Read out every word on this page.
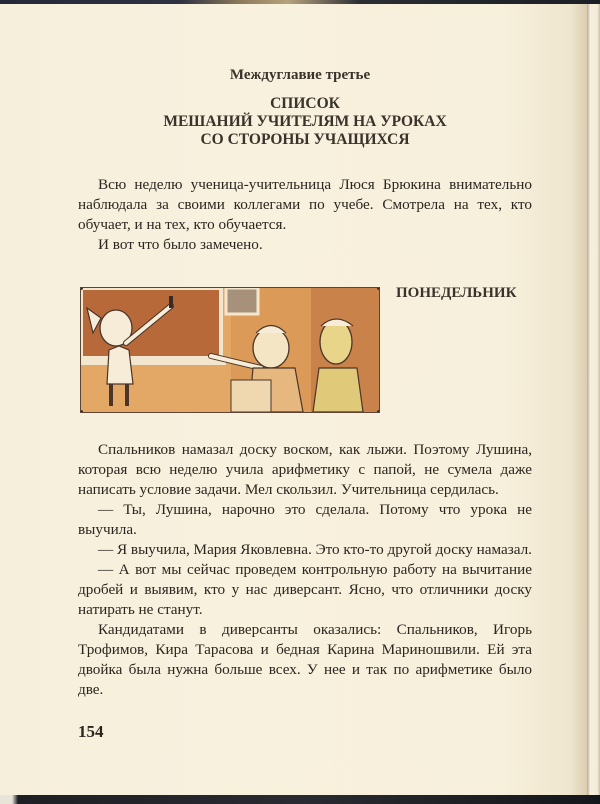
Междуглавие третье
СПИСОК
МЕШАНИЙ УЧИТЕЛЯМ НА УРОКАХ
СО СТОРОНЫ УЧАЩИХСЯ

Всю неделю ученица-учительница Люся Брюкина внимательно наблюдала за своими коллегами по учебе. Смотрела на тех, кто обучает, и на тех, кто обучается.

И вот что было замечено.

ПОНЕДЕЛЬНИК

Спальников намазал доску воском, как лыжи. Поэтому Лушина, которая всю неделю учила арифметику с папой, не сумела даже написать условие задачи. Мел скользил. Учительница сердилась.

— Ты, Лушина, нарочно это сделала. Потому что урока не выучила.

— Я выучила, Мария Яковлевна. Это кто-то другой доску намазал.

— А вот мы сейчас проведем контрольную работу на вычитание дробей и выявим, кто у нас диверсант. Ясно, что отличники доску натирать не станут.

Кандидатами в диверсанты оказались: Спальников, Игорь Трофимов, Кира Тарасова и бедная Карина Мариношвили. Ей эта двойка была нужна больше всех. У нее и так по арифметике было две.

154
